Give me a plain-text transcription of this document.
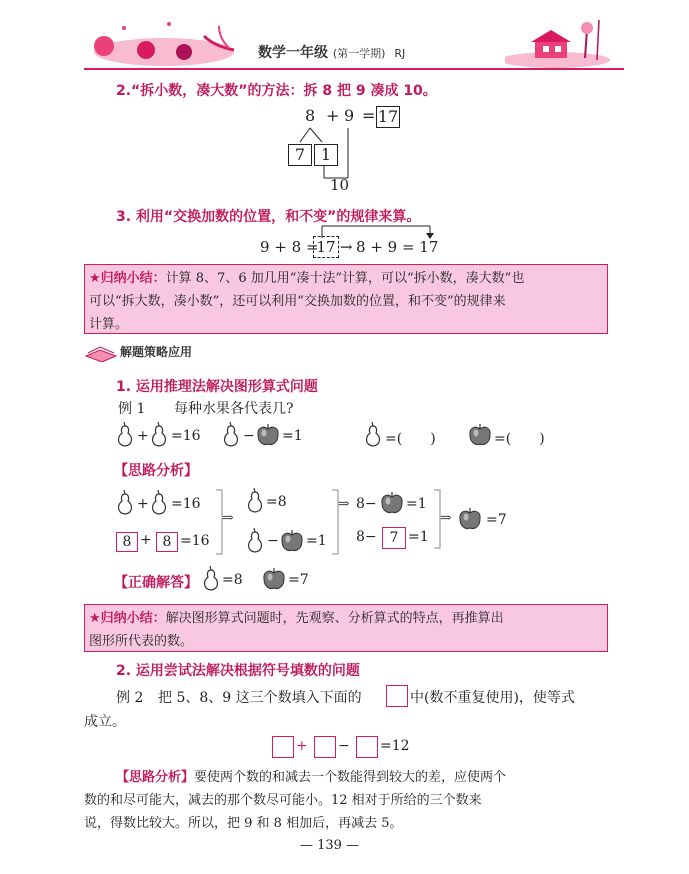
数学一年级 (第一学期) RJ
2.“拆小数，凑大数”的方法：拆 8 把 9 凑成 10。
8 + 9 = 17
7 1
10
3. 利用“交换加数的位置，和不变”的规律来算。
9 + 8 =
17 → 8 + 9 = 17
★归纳小结：计算 8、7、6 加几用“凑十法”计算，可以“拆小数，凑大数”也
可以“拆大数，凑小数”，还可以利用“交换加数的位置，和不变”的规律来
计算。
解题策略应用
1. 运用推理法解决图形算式问题
例 1 每种水果各代表几?
+ =16	− =1	=(　　)	=(　　)
【思路分析】
+ =16
8 + 8 =16
⇒
=8
− =1
⇒ 8− =1
8− 7 =1
⇒ =7
【正确解答】 =8	=7
★归纳小结：解决图形算式问题时，先观察、分析算式的特点，再推算出
图形所代表的数。
2. 运用尝试法解决根据符号填数的问题
例 2 把 5、8、9 这三个数填入下面的	中(数不重复使用)，使等式
成立。
+ − =12
【思路分析】要使两个数的和减去一个数能得到较大的差，应使两个
数的和尽可能大，减去的那个数尽可能小。12 相对于所给的三个数来
说，得数比较大。所以，把 9 和 8 相加后，再减去 5。
— 139 —
